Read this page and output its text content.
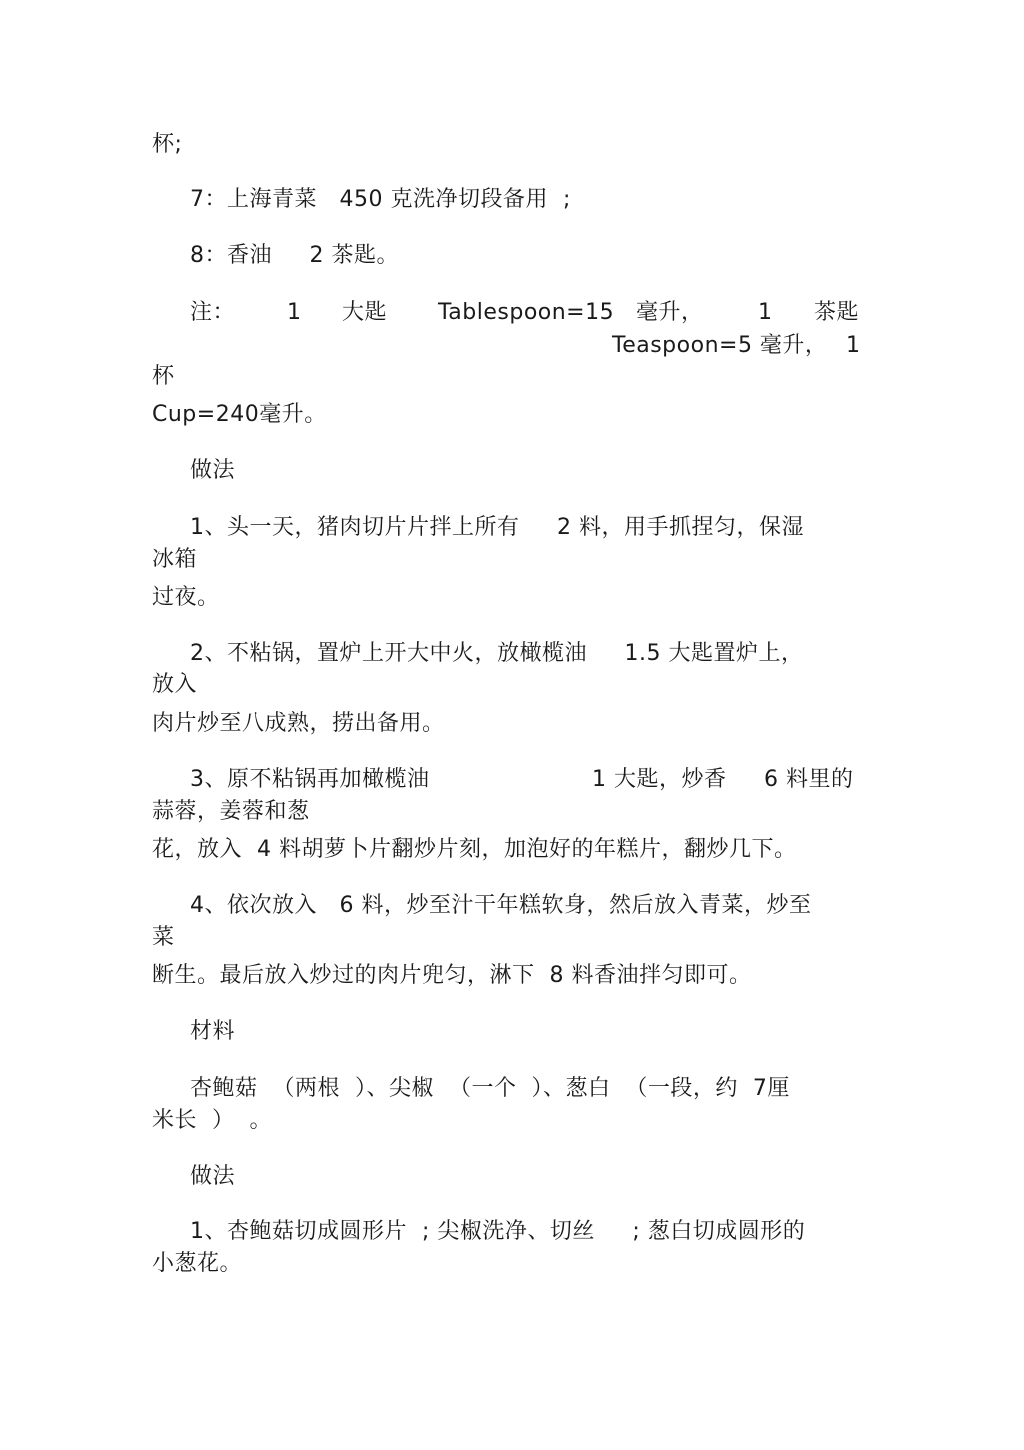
杯;
7：上海青菜   450 克洗净切段备用  ;
8：香油     2 茶匙。
注： 1 大匙 Tablespoon=15 毫升， 1 茶匙
Teaspoon=5 毫升， 1
杯
Cup=240毫升。
做法
1、头一天，猪肉切片片拌上所有     2 料，用手抓捏匀，保湿
冰箱
过夜。
2、不粘锅，置炉上开大中火，放橄榄油     1.5 大匙置炉上，
放入
肉片炒至八成熟，捞出备用。
3、原不粘锅再加橄榄油	1 大匙，炒香     6 料里的
蒜蓉，姜蓉和葱
花，放入  4 料胡萝卜片翻炒片刻，加泡好的年糕片，翻炒几下。
4、依次放入   6 料，炒至汁干年糕软身，然后放入青菜，炒至
菜
断生。最后放入炒过的肉片兜匀，淋下  8 料香油拌匀即可。
材料
杏鲍菇  （两根  ）、尖椒  （一个  ）、葱白  （一段，约  7厘
米长  ）  。
做法
1、杏鲍菇切成圆形片  ; 尖椒洗净、切丝     ; 葱白切成圆形的
小葱花。
